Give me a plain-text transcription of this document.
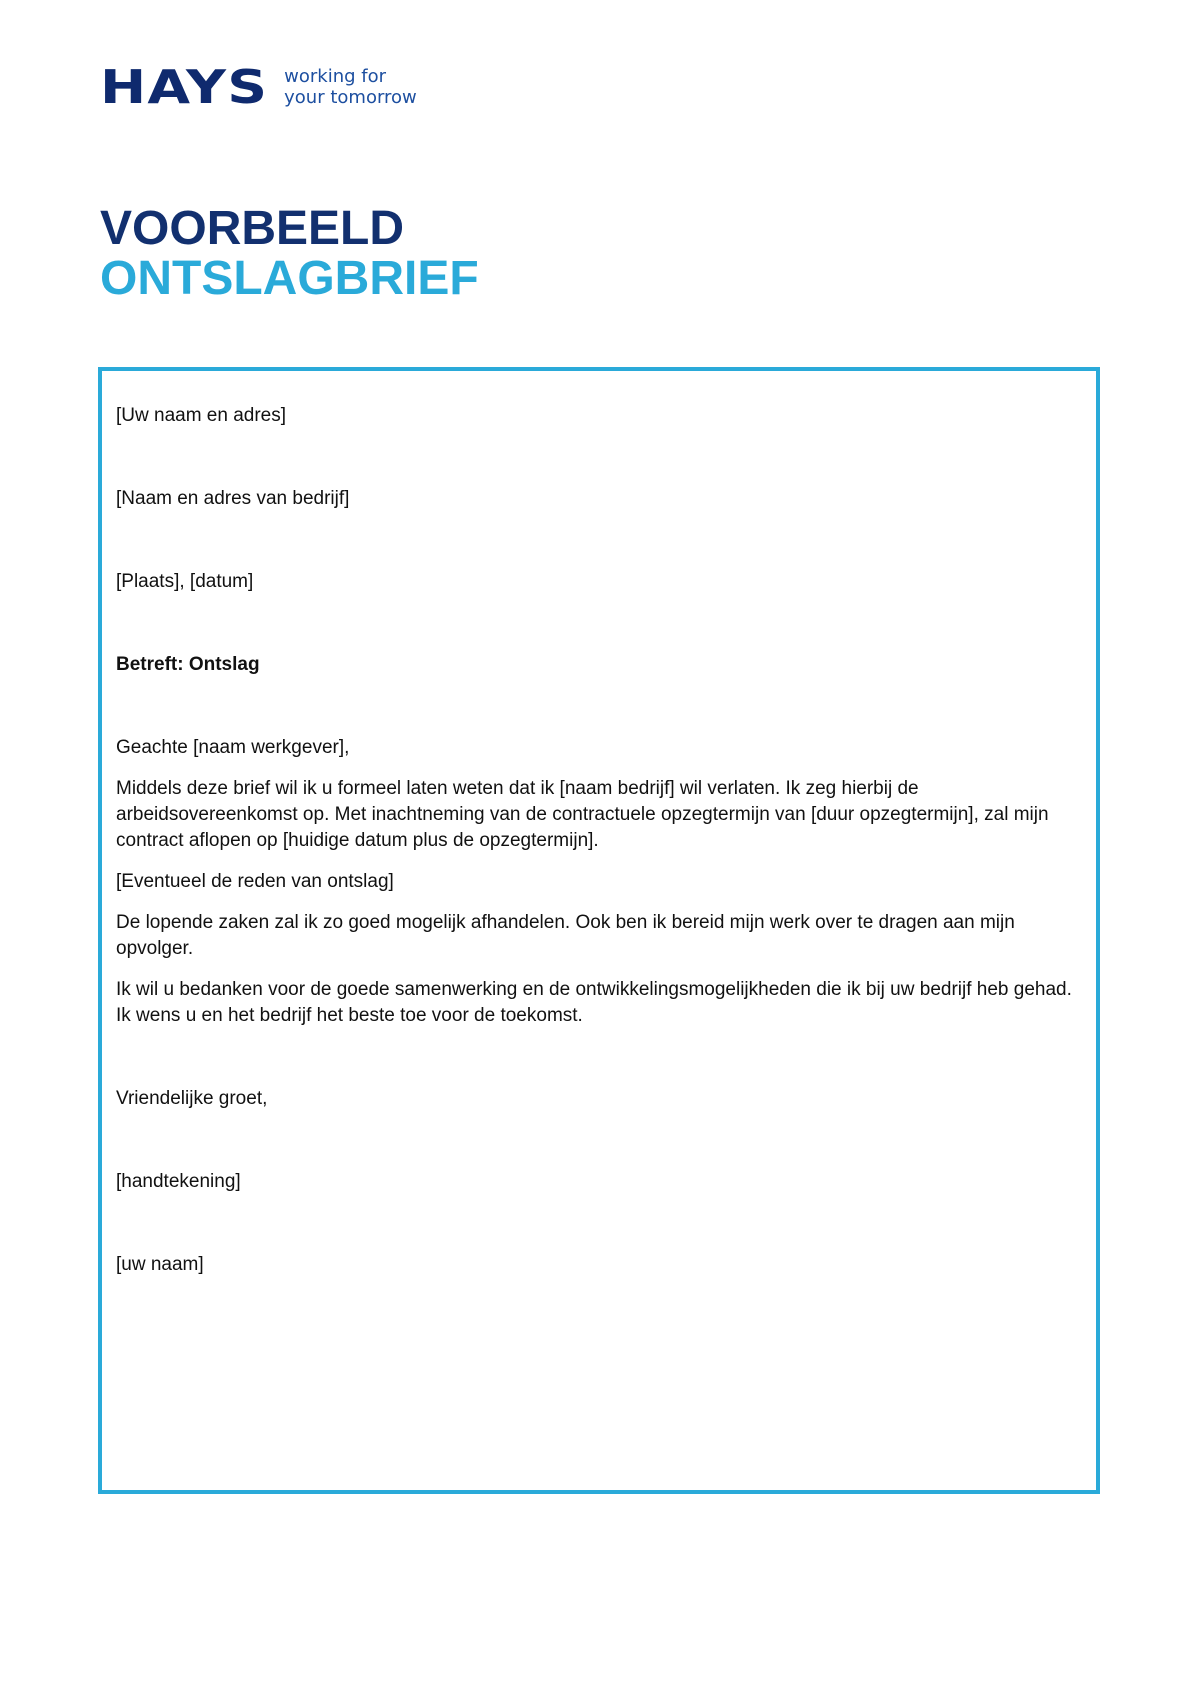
HAYS working for
your tomorrow
VOORBEELD
ONTSLAGBRIEF

[Uw naam en adres]

[Naam en adres van bedrijf]

[Plaats], [datum]

Betreft: Ontslag

Geachte [naam werkgever],

Middels deze brief wil ik u formeel laten weten dat ik [naam bedrijf] wil verlaten. Ik zeg hierbij de arbeidsovereenkomst op. Met inachtneming van de contractuele opzegtermijn van [duur opzegtermijn], zal mijn contract aflopen op [huidige datum plus de opzegtermijn].

[Eventueel de reden van ontslag]

De lopende zaken zal ik zo goed mogelijk afhandelen. Ook ben ik bereid mijn werk over te dragen aan mijn opvolger.

Ik wil u bedanken voor de goede samenwerking en de ontwikkelingsmogelijkheden die ik bij uw bedrijf heb gehad. Ik wens u en het bedrijf het beste toe voor de toekomst.

Vriendelijke groet,

[handtekening]

[uw naam]
